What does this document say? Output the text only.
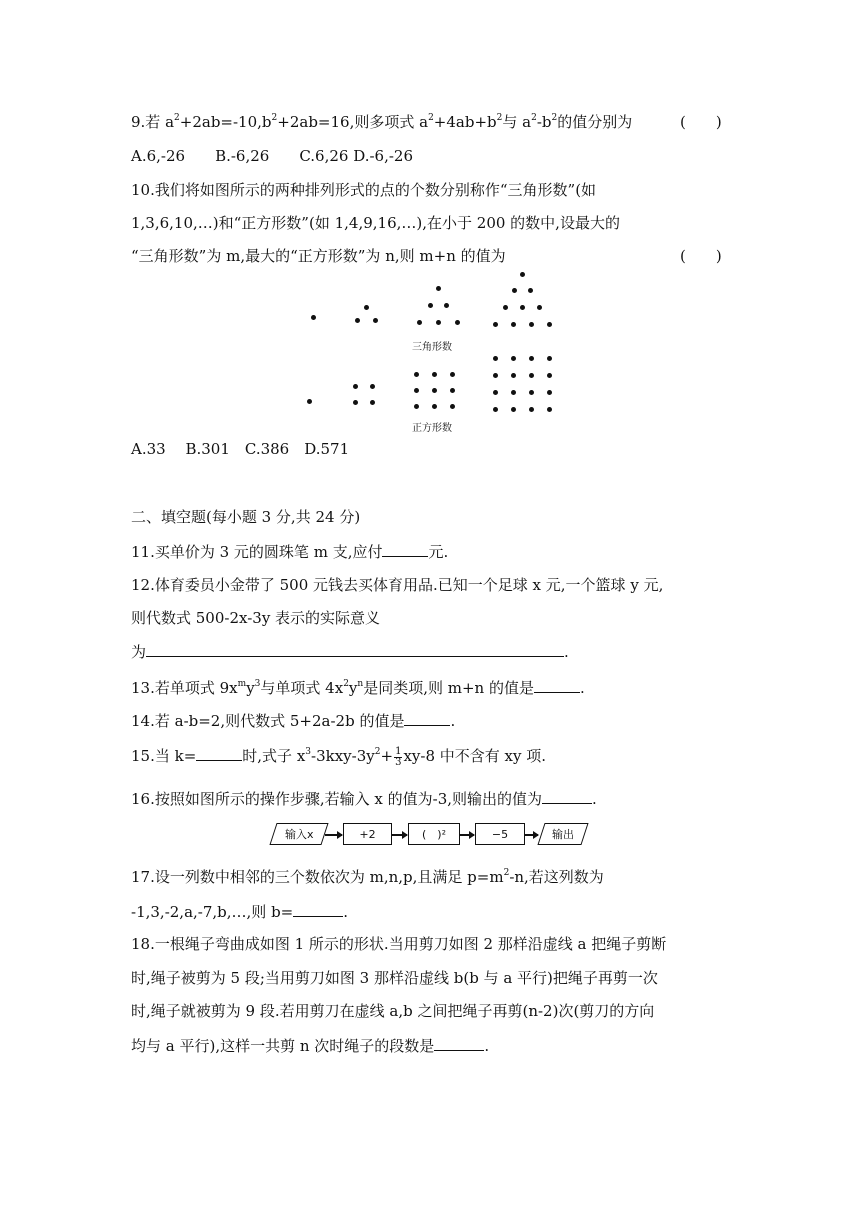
9.若 $a^2+2ab=-10,b^2+2ab=16$,则多项式 $a^2+4ab+b^2$与 $a^2-b^2$的值分别为	(　　)
A.6,-26　　B.-6,26　　C.6,26 D.-6,-26
10.我们将如图所示的两种排列形式的点的个数分别称作“三角形数”(如
1,3,6,10,…)和“正方形数”(如 1,4,9,16,…),在小于 200 的数中,设最大的
“三角形数”为 m,最大的“正方形数”为 n,则 m+n 的值为	(　　)
三角形数
正方形数
A.33　 B.301　C.386　D.571
二、填空题(每小题 3 分,共 24 分)
11.买单价为 3 元的圆珠笔 m 支,应付	元.
12.体育委员小金带了 500 元钱去买体育用品.已知一个足球 x 元,一个篮球 y 元,
则代数式 500-2x-3y 表示的实际意义
为	.
13.若单项式 $9x^my^3$与单项式 $4x^2y^n$是同类项,则 m+n 的值是	.
14.若 a-b=2,则代数式 5+2a-2b 的值是	.
15.当 k=	时,式子 $x^3-3kxy-3y^2+ \frac{1}{3} xy-8$ 中不含有 xy 项.
16.按照如图所示的操作步骤,若输入 x 的值为-3,则输出的值为	.
输入x	+2	(　)²	−5	输出
17.设一列数中相邻的三个数依次为 m,n,p,且满足 $p=m^2-n$,若这列数为
-1,3,-2,a,-7,b,…,则 b=	.
18.一根绳子弯曲成如图 1 所示的形状.当用剪刀如图 2 那样沿虚线 a 把绳子剪断
时,绳子被剪为 5 段;当用剪刀如图 3 那样沿虚线 b(b 与 a 平行)把绳子再剪一次
时,绳子就被剪为 9 段.若用剪刀在虚线 a,b 之间把绳子再剪(n-2)次(剪刀的方向
均与 a 平行),这样一共剪 n 次时绳子的段数是	.
